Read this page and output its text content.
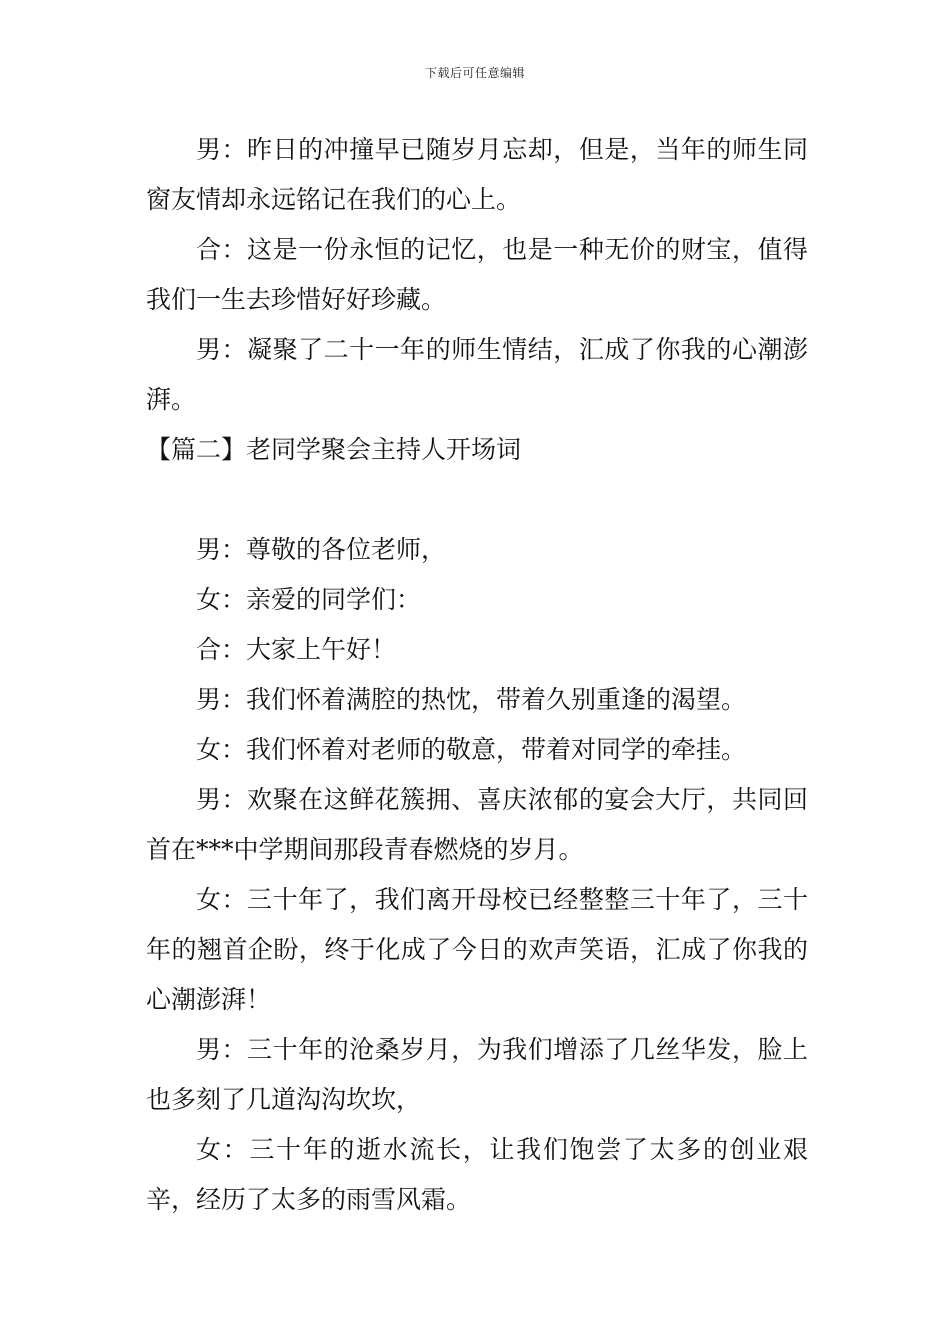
下载后可任意编辑

男：昨日的冲撞早已随岁月忘却，但是，当年的师生同窗友情却永远铭记在我们的心上。

合：这是一份永恒的记忆，也是一种无价的财宝，值得我们一生去珍惜好好珍藏。

男：凝聚了二十一年的师生情结，汇成了你我的心潮澎湃。

【篇二】老同学聚会主持人开场词

男：尊敬的各位老师，

女：亲爱的同学们：

合：大家上午好！

男：我们怀着满腔的热忱，带着久别重逢的渴望。

女：我们怀着对老师的敬意，带着对同学的牵挂。

男：欢聚在这鲜花簇拥、喜庆浓郁的宴会大厅，共同回首在***中学期间那段青春燃烧的岁月。

女：三十年了，我们离开母校已经整整三十年了，三十年的翘首企盼，终于化成了今日的欢声笑语，汇成了你我的心潮澎湃！

男：三十年的沧桑岁月，为我们增添了几丝华发，脸上也多刻了几道沟沟坎坎，

女：三十年的逝水流长，让我们饱尝了太多的创业艰辛，经历了太多的雨雪风霜。
